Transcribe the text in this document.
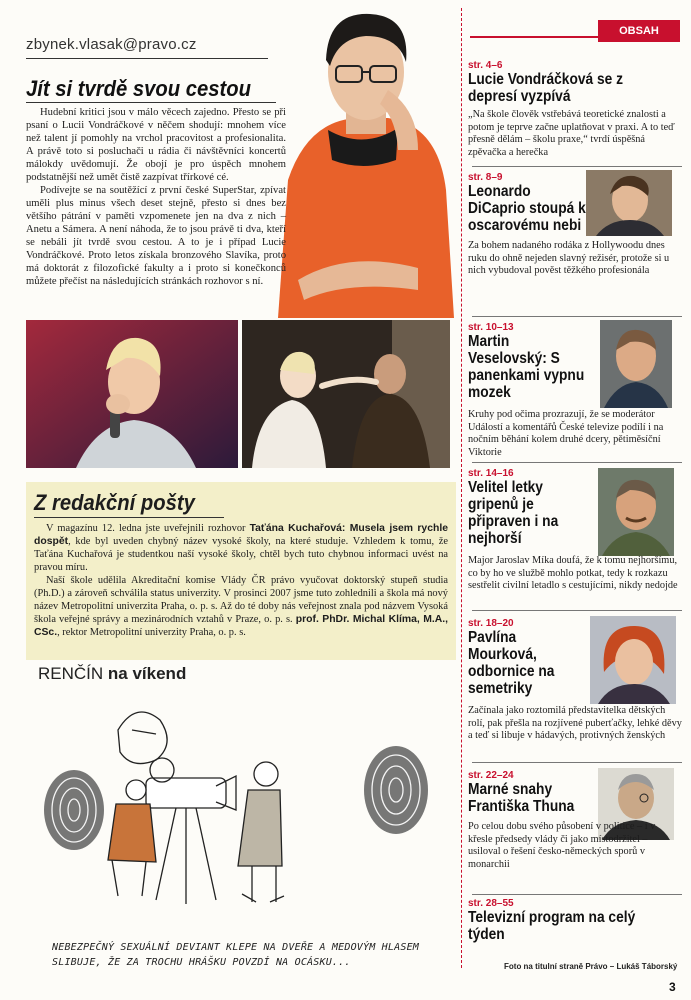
zbynek.vlasak@pravo.cz
Jít si tvrdě svou cestou

Hudební kritici jsou v málo věcech zajedno. Přesto se při psaní o Lucii Vondráčkové v něčem shodují: mnohem více než talent jí pomohly na vrchol pracovitost a profesionalita. A právě toto si posluchači u rádia či návštěvníci koncertů málokdy uvědomují. Že obojí je pro úspěch mnohem podstatnější než umět čistě zazpívat třírkové cé.

Podívejte se na soutěžící z první české SuperStar, zpívat uměli plus minus všech deset stejně, přesto si dnes bez většího pátrání v paměti vzpomenete jen na dva z nich – Anetu a Sámera. A není náhoda, že to jsou právě ti dva, kteří se nebáli jít tvrdě svou cestou. A to je i případ Lucie Vondráčkové. Proto letos získala bronzového Slavíka, proto má doktorát z filozofické fakulty a i proto si konečkonců můžete přečíst na následujících stránkách rozhovor s ní.

Z redakční pošty

V magazínu 12. ledna jste uveřejnili rozhovor Taťána Kuchařová: Musela jsem rychle dospět, kde byl uveden chybný název vysoké školy, na které studuje. Vzhledem k tomu, že Taťána Kuchařová je studentkou naší vysoké školy, chtěl bych tuto chybnou informaci uvést na pravou míru.

Naší škole udělila Akreditační komise Vlády ČR právo vyučovat doktorský stupeň studia (Ph.D.) a zároveň schválila status univerzity. V prosinci 2007 jsme tuto zohlednili a škola má nový název Metropolitní univerzita Praha, o. p. s. Až do té doby nás veřejnost znala pod názvem Vysoká škola veřejné správy a mezinárodních vztahů v Praze, o. p. s. prof. PhDr. Michal Klíma, M.A., CSc., rektor Metropolitní univerzity Praha, o. p. s.

RENČÍN na víkend
NEBEZPEČNÝ SEXUÁLNÍ DEVIANT KLEPE NA DVEŘE A MEDOVÝM HLASEM SLIBUJE, ŽE ZA TROCHU HRÁŠKU POVZDÍ NA OCÁSKU...
OBSAH
str. 4–6
Lucie Vondráčková se z depresí vyzpívá
„Na škole člověk vstřebává teoretické znalosti a potom je teprve začne uplatňovat v praxi. A to teď přesně dělám – školu praxe,“ tvrdí úspěšná zpěvačka a herečka
str. 8–9
Leonardo DiCaprio stoupá k oscarovému nebi
Za bohem nadaného rodáka z Hollywoodu dnes ruku do ohně nejeden slavný režisér, protože si u nich vybudoval pověst těžkého profesionála
str. 10–13
Martin Veselovský: S panenkami vypnu mozek
Kruhy pod očima prozrazují, že se moderátor Událostí a komentářů České televize podílí i na nočním běhání kolem druhé dcery, pětiměsíční Viktorie
str. 14–16
Velitel letky gripenů je připraven i na nejhorší
Major Jaroslav Míka doufá, že k tomu nejhoršímu, co by ho ve službě mohlo potkat, tedy k rozkazu sestřelit civilní letadlo s cestujícími, nikdy nedojde
str. 18–20
Pavlína Mourková, odbornice na semetriky
Začínala jako roztomilá představitelka dětských rolí, pak přešla na rozjívené puberťačky, lehké děvy a teď si libuje v hádavých, protivných ženských
str. 22–24
Marné snahy Františka Thuna
Po celou dobu svého působení v politice – i v křesle předsedy vlády či jako místodržitel – usiloval o řešení česko-německých sporů v monarchii
str. 28–55
Televizní program na celý týden
Foto na titulní straně Právo – Lukáš Táborský
3
